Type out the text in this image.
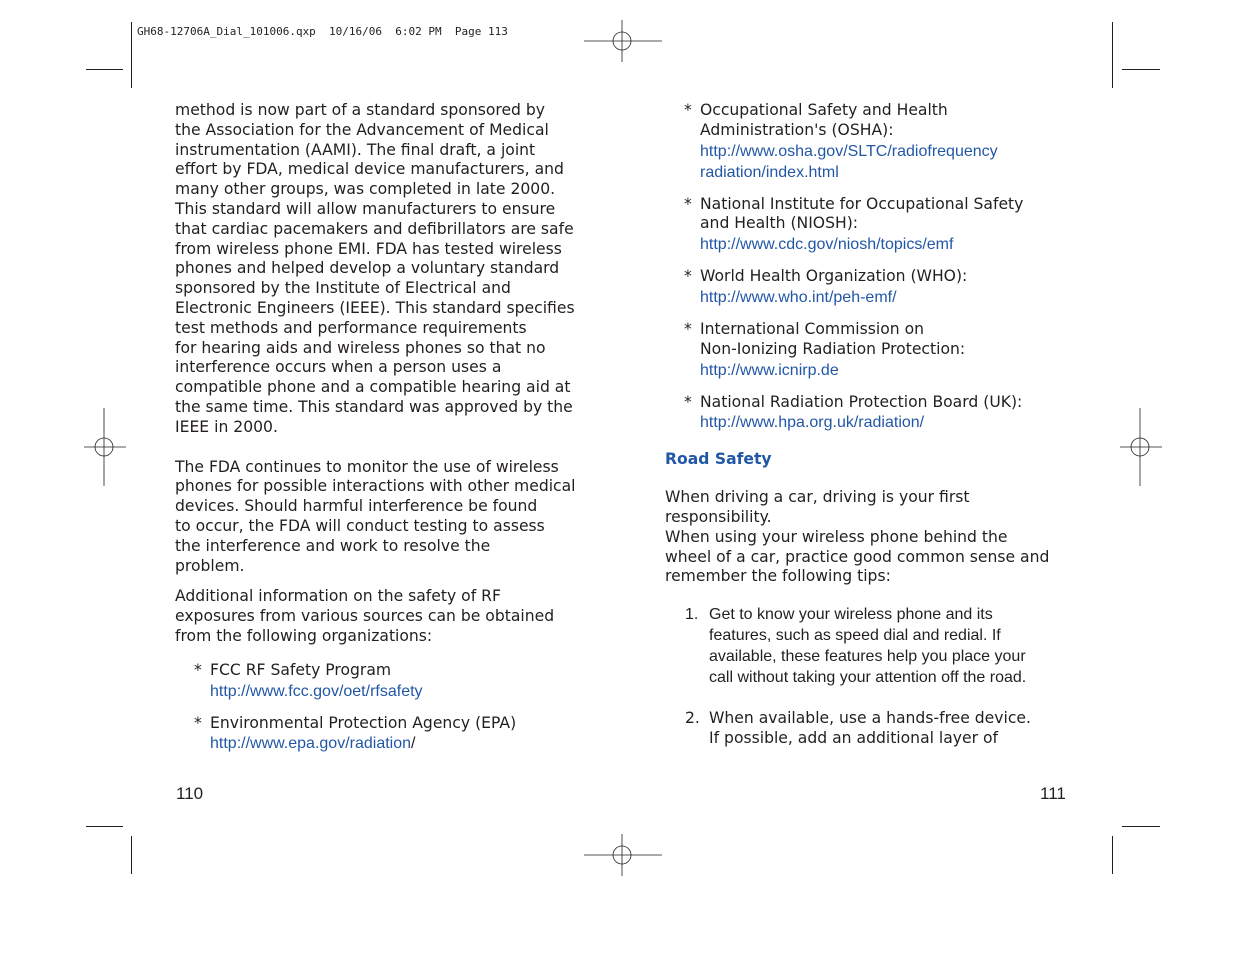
GH68-12706A_Dial_101006.qxp  10/16/06  6:02 PM  Page 113

method is now part of a standard sponsored by
the Association for the Advancement of Medical
instrumentation (AAMI). The final draft, a joint
effort by FDA, medical device manufacturers, and
many other groups, was completed in late 2000.
This standard will allow manufacturers to ensure
that cardiac pacemakers and defibrillators are safe
from wireless phone EMI. FDA has tested wireless
phones and helped develop a voluntary standard
sponsored by the Institute of Electrical and
Electronic Engineers (IEEE). This standard specifies
test methods and performance requirements
for hearing aids and wireless phones so that no
interference occurs when a person uses a
compatible phone and a compatible hearing aid at
the same time. This standard was approved by the
IEEE in 2000.

The FDA continues to monitor the use of wireless
phones for possible interactions with other medical
devices. Should harmful interference be found
to occur, the FDA will conduct testing to assess
the interference and work to resolve the
problem.

Additional information on the safety of RF
exposures from various sources can be obtained
from the following organizations:

* FCC RF Safety Program
http://www.fcc.gov/oet/rfsafety
* Environmental Protection Agency (EPA)
http://www.epa.gov/radiation/
110
* Occupational Safety and Health
Administration's (OSHA):
http://www.osha.gov/SLTC/radiofrequency
radiation/index.html
* National Institute for Occupational Safety
and Health (NIOSH):
http://www.cdc.gov/niosh/topics/emf
* World Health Organization (WHO):
http://www.who.int/peh-emf/
* International Commission on
Non-Ionizing Radiation Protection:
http://www.icnirp.de
* National Radiation Protection Board (UK):
http://www.hpa.org.uk/radiation/

Road Safety

When driving a car, driving is your first responsibility.
When using your wireless phone behind the
wheel of a car, practice good common sense and
remember the following tips:

1. Get to know your wireless phone and its
features, such as speed dial and redial. If
available, these features help you place your
call without taking your attention off the road.
2. When available, use a hands-free device.
If possible, add an additional layer of
111
